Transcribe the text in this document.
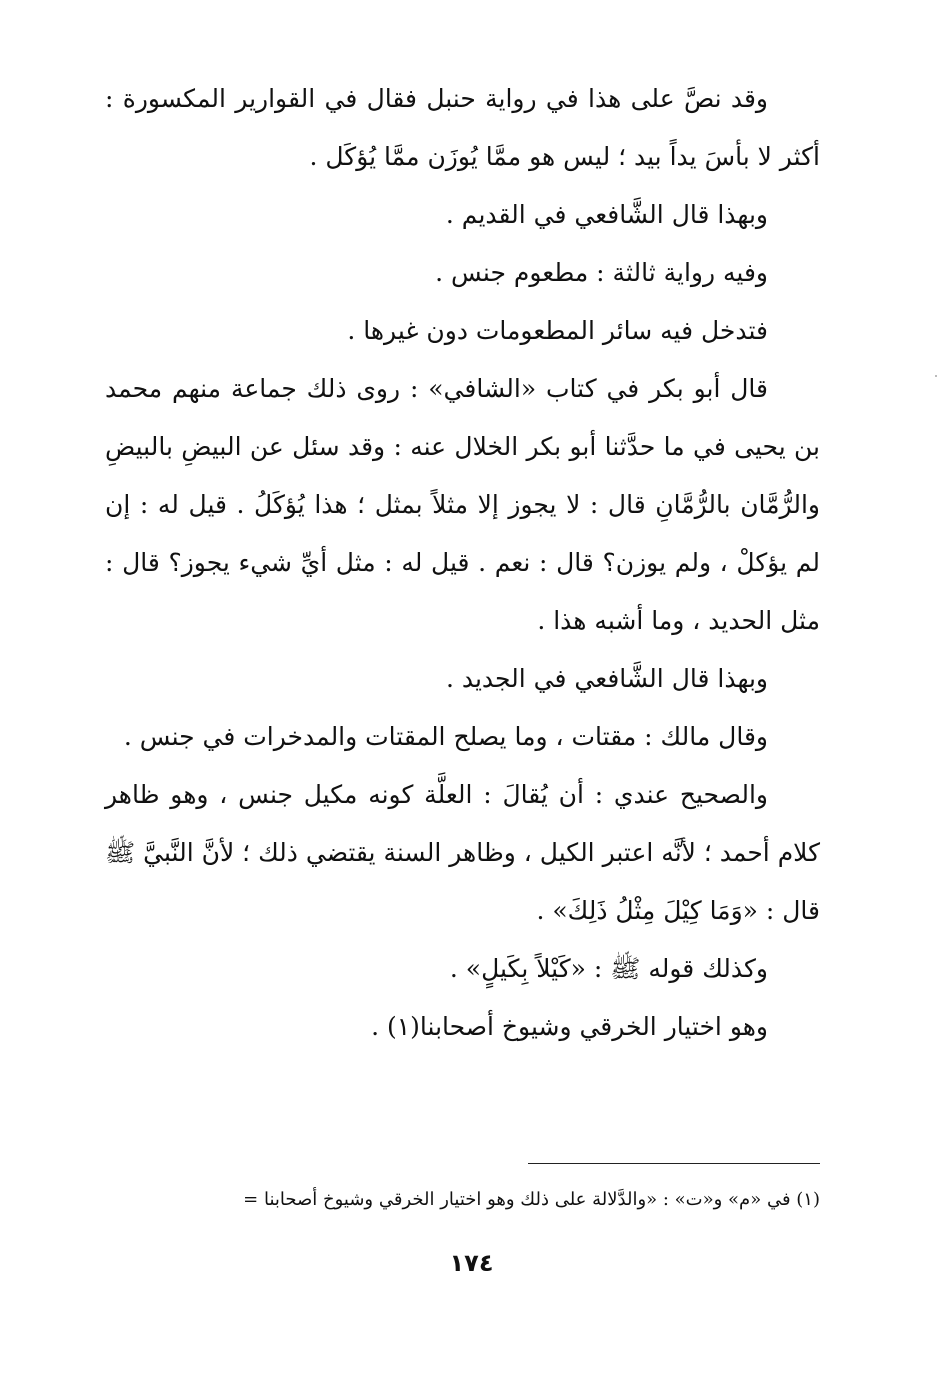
وقد نصَّ على هذا في رواية حنبل فقال في القوارير المكسورة : أكثر لا بأسَ يداً بيد ؛ ليس هو ممَّا يُوزَن ممَّا يُؤكَل .

وبهذا قال الشَّافعي في القديم .

وفيه رواية ثالثة : مطعوم جنس .

فتدخل فيه سائر المطعومات دون غيرها .

قال أبو بكر في كتاب «الشافي» : روى ذلك جماعة منهم محمد بن يحيى في ما حدَّثنا أبو بكر الخلال عنه : وقد سئل عن البيضِ بالبيضِ والرُّمَّان بالرُّمَّانِ قال : لا يجوز إلا مثلاً بمثل ؛ هذا يُؤكَلُ . قيل له : إن لم يؤكلْ ، ولم يوزن؟ قال : نعم . قيل له : مثل أيِّ شيء يجوز؟ قال : مثل الحديد ، وما أشبه هذا .

وبهذا قال الشَّافعي في الجديد .

وقال مالك : مقتات ، وما يصلح المقتات والمدخرات في جنس .

والصحيح عندي : أن يُقالَ : العلَّة كونه مكيل جنس ، وهو ظاهر كلام أحمد ؛ لأنَّه اعتبر الكيل ، وظاهر السنة يقتضي ذلك ؛ لأنَّ النَّبيَّ ﷺ قال : «وَمَا كِيْلَ مِثْلُ ذَلِكَ» .

وكذلك قوله ﷺ : «كَيْلاً بِكَيلٍ» .

وهو اختيار الخرقي وشيوخ أصحابنا(١) .

(١) في «م» و«ت» : «والدَّلالة على ذلك وهو اختيار الخرقي وشيوخ أصحابنا =
١٧٤
